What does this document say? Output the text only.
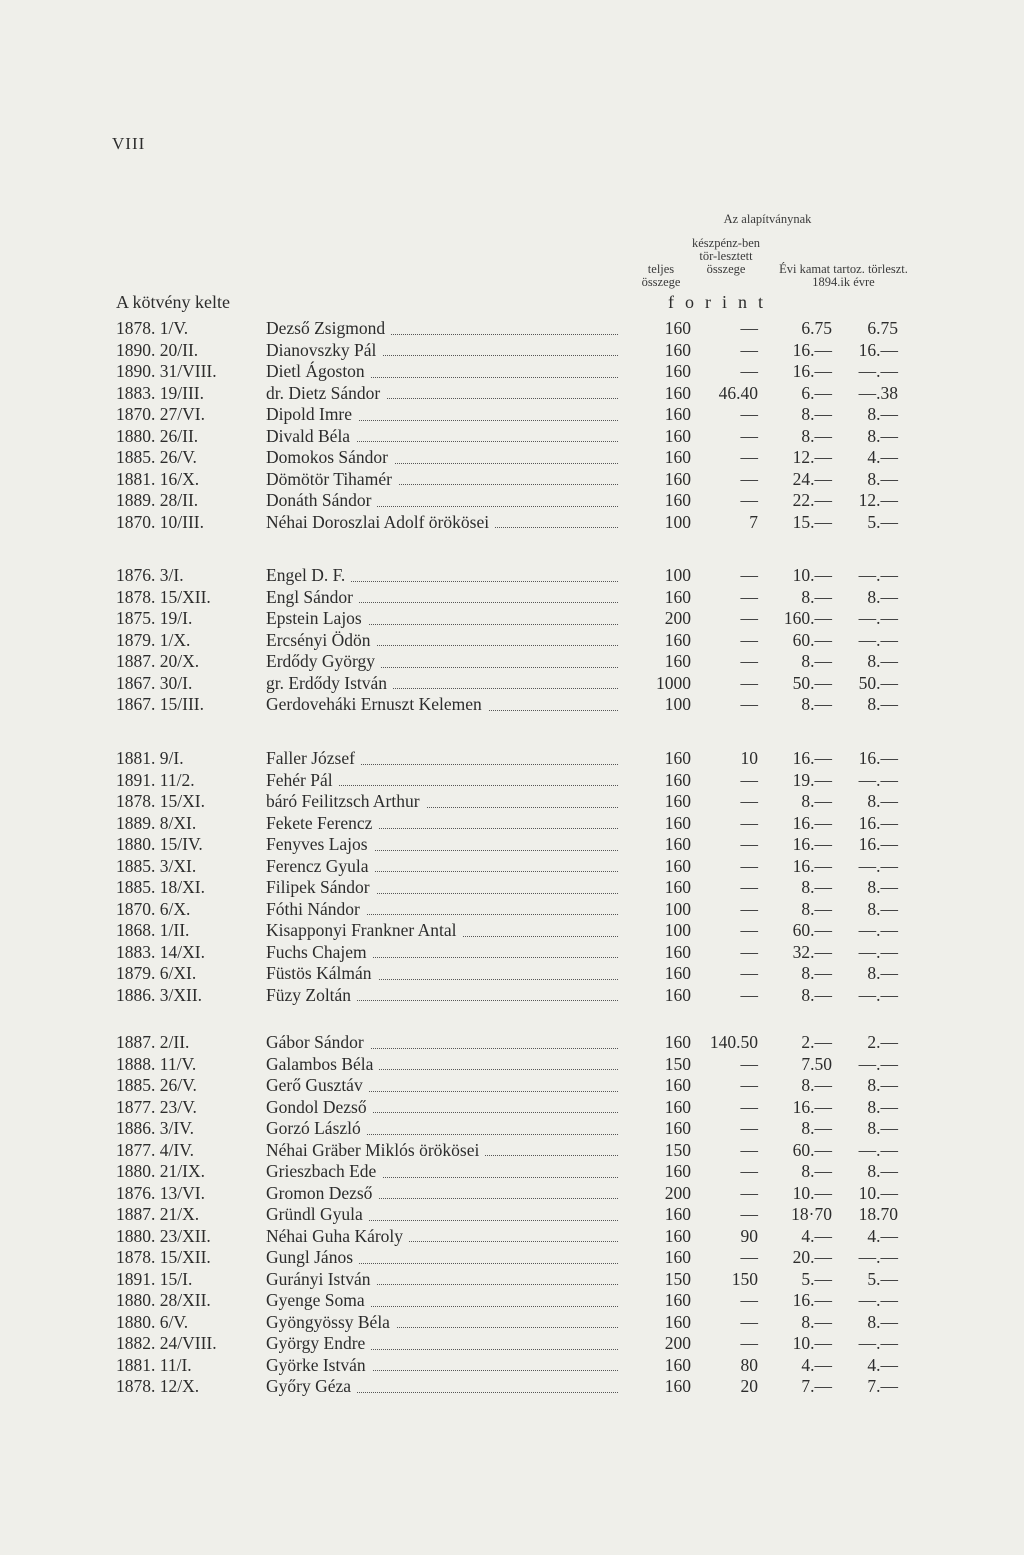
VIII
Az alapítványnak
teljes összege
készpénz-ben tör-lesztett összege	Évi kamat tartoz. törleszt. 1894.ik évre
A kötvény kelte	forint
1878. 1/V.	Dezső Zsigmond	160	—	6.75	6.75
1890. 20/II.	Dianovszky Pál	160	—	16.—	16.—
1890. 31/VIII.	Dietl Ágoston	160	—	16.—	—.—
1883. 19/III.	dr. Dietz Sándor	160	46.40	6.—	—.38
1870. 27/VI.	Dipold Imre	160	—	8.—	8.—
1880. 26/II.	Divald Béla	160	—	8.—	8.—
1885. 26/V.	Domokos Sándor	160	—	12.—	4.—
1881. 16/X.	Dömötör Tihamér	160	—	24.—	8.—
1889. 28/II.	Donáth Sándor	160	—	22.—	12.—
1870. 10/III.	Néhai Doroszlai Adolf örökösei	100	7	15.—	5.—
1876. 3/I.	Engel D. F.	100	—	10.—	—.—
1878. 15/XII.	Engl Sándor	160	—	8.—	8.—
1875. 19/I.	Epstein Lajos	200	—	160.—	—.—
1879. 1/X.	Ercsényi Ödön	160	—	60.—	—.—
1887. 20/X.	Erdődy György	160	—	8.—	8.—
1867. 30/I.	gr. Erdődy István	1000	—	50.—	50.—
1867. 15/III.	Gerdoveháki Ernuszt Kelemen	100	—	8.—	8.—
1881. 9/I.	Faller József	160	10	16.—	16.—
1891. 11/2.	Fehér Pál	160	—	19.—	—.—
1878. 15/XI.	báró Feilitzsch Arthur	160	—	8.—	8.—
1889. 8/XI.	Fekete Ferencz	160	—	16.—	16.—
1880. 15/IV.	Fenyves Lajos	160	—	16.—	16.—
1885. 3/XI.	Ferencz Gyula	160	—	16.—	—.—
1885. 18/XI.	Filipek Sándor	160	—	8.—	8.—
1870. 6/X.	Fóthi Nándor	100	—	8.—	8.—
1868. 1/II.	Kisapponyi Frankner Antal	100	—	60.—	—.—
1883. 14/XI.	Fuchs Chajem	160	—	32.—	—.—
1879. 6/XI.	Füstös Kálmán	160	—	8.—	8.—
1886. 3/XII.	Füzy Zoltán	160	—	8.—	—.—
1887. 2/II.	Gábor Sándor	160	140.50	2.—	2.—
1888. 11/V.	Galambos Béla	150	—	7.50	—.—
1885. 26/V.	Gerő Gusztáv	160	—	8.—	8.—
1877. 23/V.	Gondol Dezső	160	—	16.—	8.—
1886. 3/IV.	Gorzó László	160	—	8.—	8.—
1877. 4/IV.	Néhai Gräber Miklós örökösei	150	—	60.—	—.—
1880. 21/IX.	Grieszbach Ede	160	—	8.—	8.—
1876. 13/VI.	Gromon Dezső	200	—	10.—	10.—
1887. 21/X.	Gründl Gyula	160	—	18·70	18.70
1880. 23/XII.	Néhai Guha Károly	160	90	4.—	4.—
1878. 15/XII.	Gungl János	160	—	20.—	—.—
1891. 15/I.	Gurányi István	150	150	5.—	5.—
1880. 28/XII.	Gyenge Soma	160	—	16.—	—.—
1880. 6/V.	Gyöngyössy Béla	160	—	8.—	8.—
1882. 24/VIII.	György Endre	200	—	10.—	—.—
1881. 11/I.	Györke István	160	80	4.—	4.—
1878. 12/X.	Győry Géza	160	20	7.—	7.—
